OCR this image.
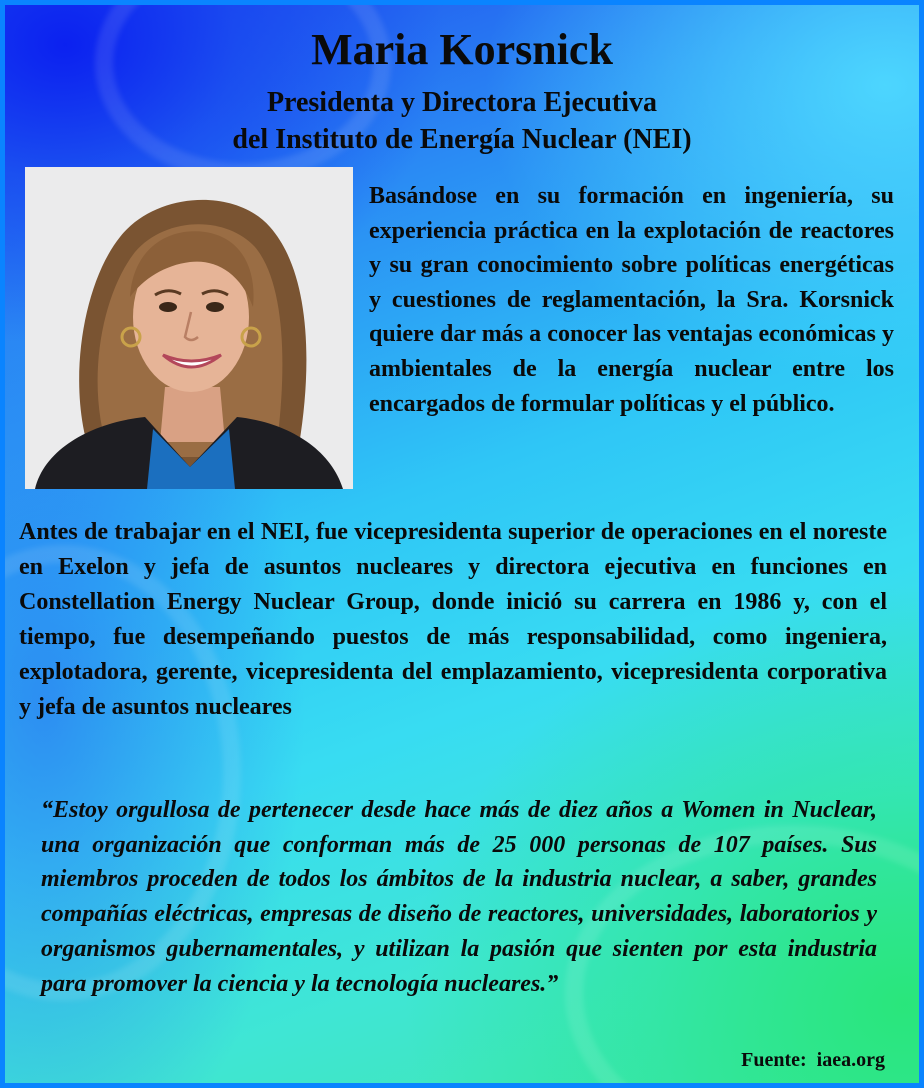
Maria Korsnick
Presidenta y Directora Ejecutiva
del Instituto de Energía Nuclear (NEI)
Basándose en su formación en ingeniería, su experiencia práctica en la explotación de reactores y su gran conocimiento sobre políticas energéticas y cuestiones de reglamentación, la Sra. Korsnick quiere dar más a conocer las ventajas económicas y ambientales de la energía nuclear entre los encargados de formular políticas y el público.
Antes de trabajar en el NEI, fue vicepresidenta superior de operaciones en el noreste en Exelon y jefa de asuntos nucleares y directora ejecutiva en funciones en Constellation Energy Nuclear Group, donde inició su carrera en 1986 y, con el tiempo, fue desempeñando puestos de más responsabilidad, como ingeniera, explotadora, gerente, vicepresidenta del emplazamiento, vicepresidenta corporativa y jefa de asuntos nucleares
“Estoy orgullosa de pertenecer desde hace más de diez años a Women in Nuclear, una organización que conforman más de 25 000 personas de 107 países. Sus miembros proceden de todos los ámbitos de la industria nuclear, a saber, grandes compañías eléctricas, empresas de diseño de reactores, universidades, laboratorios y organismos gubernamentales, y utilizan la pasión que sienten por esta industria para promover la ciencia y la tecnología nucleares.”
Fuente:  iaea.org
